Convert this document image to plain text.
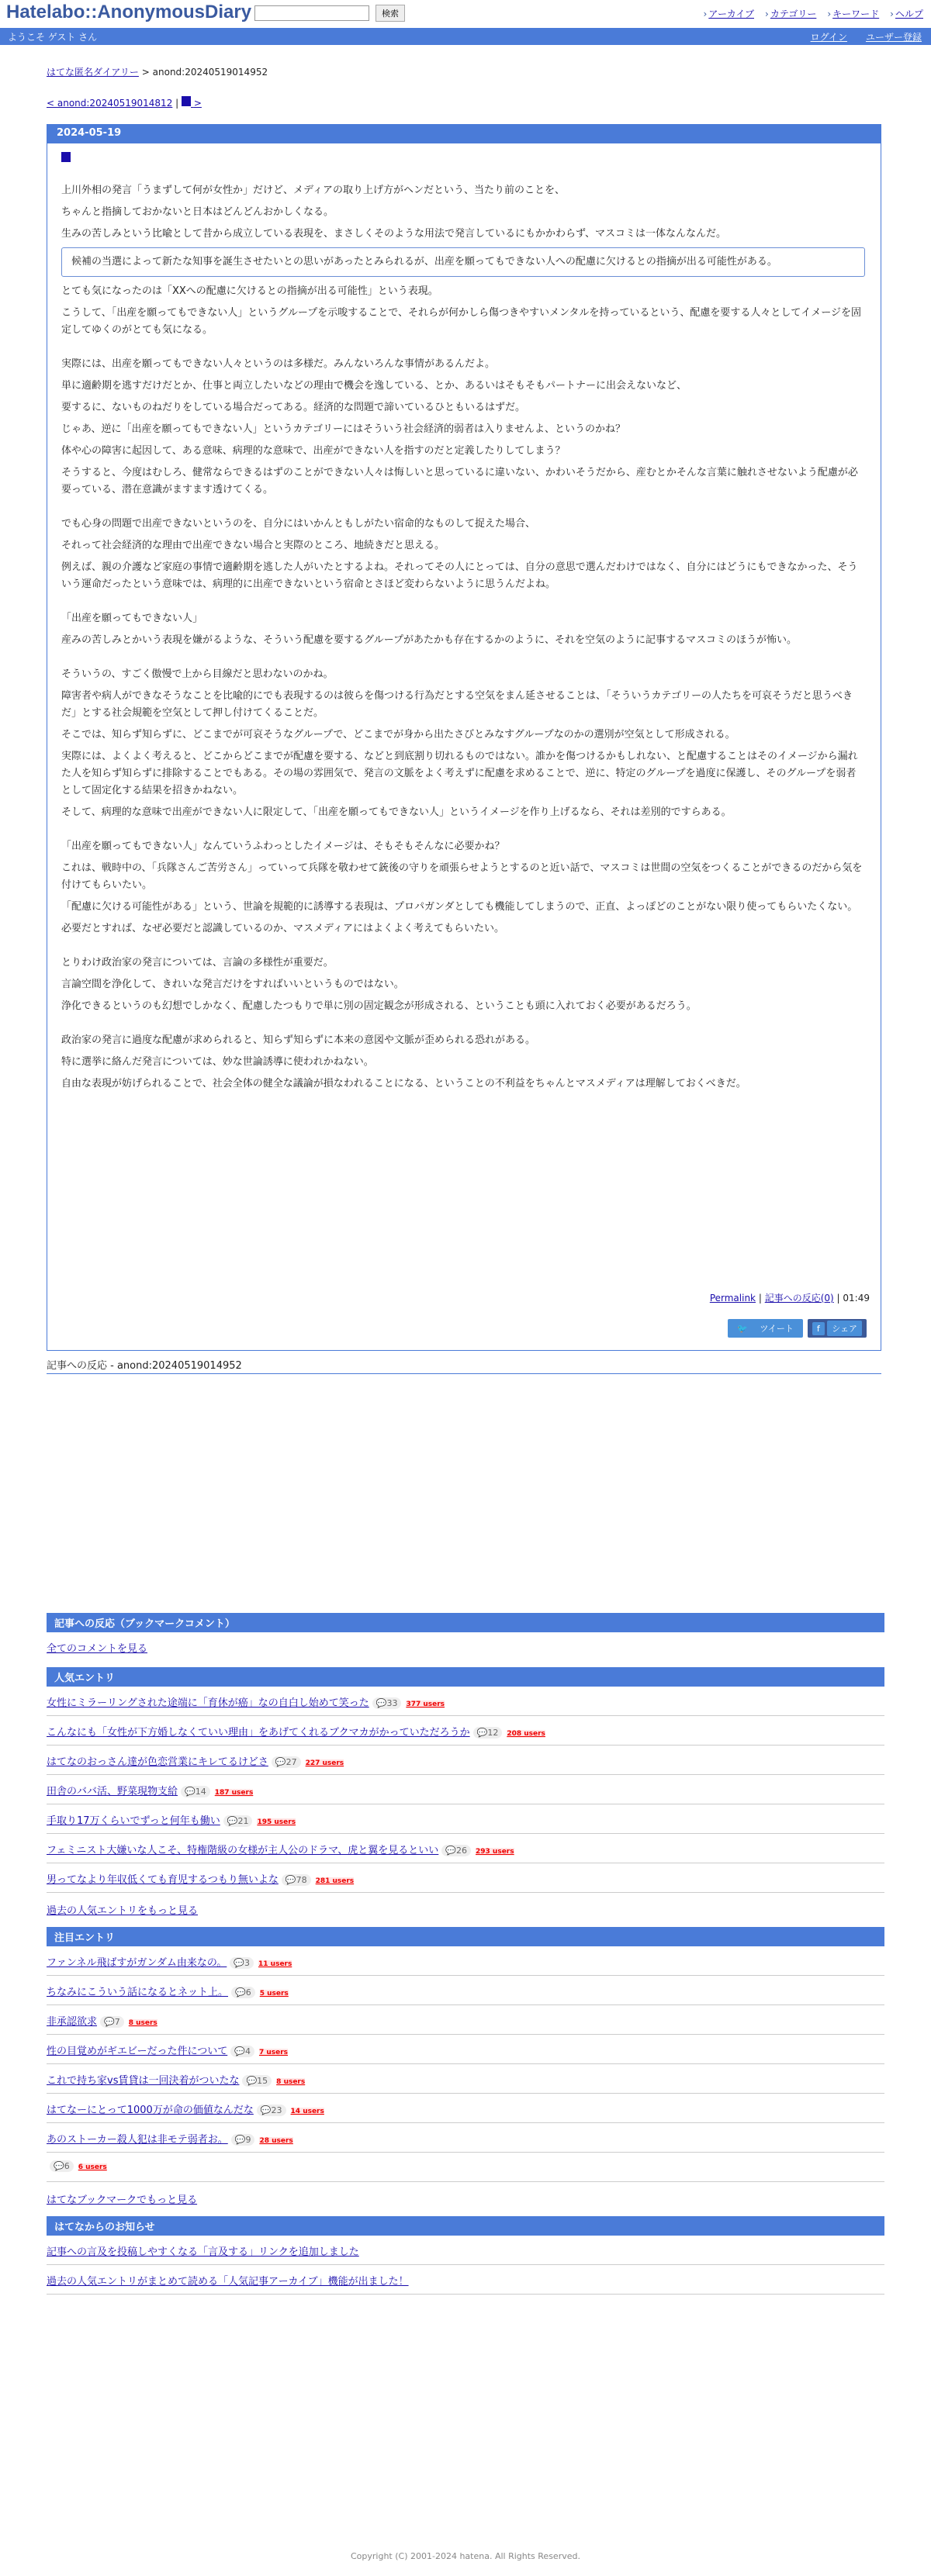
Hatelabo::AnonymousDiary	検索	› アーカイブ	› カテゴリー	› キーワード	› ヘルプ
ようこそ ゲスト さん	ログイン ユーザー登録
はてな匿名ダイアリー > anond:20240519014952
< anond:20240519014812 | >
2024-05-19

上川外相の発言「うまずして何が女性か」だけど、メディアの取り上げ方がヘンだという、当たり前のことを、

ちゃんと指摘しておかないと日本はどんどんおかしくなる。

生みの苦しみという比喩として昔から成立している表現を、まさしくそのような用法で発言しているにもかかわらず、マスコミは一体なんなんだ。

候補の当選によって新たな知事を誕生させたいとの思いがあったとみられるが、出産を願ってもできない人への配慮に欠けるとの指摘が出る可能性がある。

とても気になったのは「XXへの配慮に欠けるとの指摘が出る可能性」という表現。

こうして、「出産を願ってもできない人」というグループを示唆することで、それらが何かしら傷つきやすいメンタルを持っているという、配慮を要する人々としてイメージを固定してゆくのがとても気になる。

実際には、出産を願ってもできない人々というのは多様だ。みんないろんな事情があるんだよ。

単に適齢期を逃すだけだとか、仕事と両立したいなどの理由で機会を逸している、とか、あるいはそもそもパートナーに出会えないなど、

要するに、ないものねだりをしている場合だってある。経済的な問題で諦いているひともいるはずだ。

じゃあ、逆に「出産を願ってもできない人」というカテゴリーにはそういう社会経済的弱者は入りませんよ、というのかね？

体や心の障害に起因して、ある意味、病理的な意味で、出産ができない人を指すのだと定義したりしてしまう？

そうすると、今度はむしろ、健常ならできるはずのことができない人々は悔しいと思っているに違いない、かわいそうだから、産むとかそんな言葉に触れさせないよう配慮が必要っている、潜在意識がますます透けてくる。

でも心身の問題で出産できないというのを、自分にはいかんともしがたい宿命的なものして捉えた場合、

それって社会経済的な理由で出産できない場合と実際のところ、地続きだと思える。

例えば、親の介護など家庭の事情で適齢期を逃した人がいたとするよね。それってその人にとっては、自分の意思で選んだわけではなく、自分にはどうにもできなかった、そういう運命だったという意味では、病理的に出産できないという宿命とさほど変わらないように思うんだよね。

「出産を願ってもできない人」

産みの苦しみとかいう表現を嫌がるような、そういう配慮を要するグループがあたかも存在するかのように、それを空気のように記事するマスコミのほうが怖い。

そういうの、すごく傲慢で上から目線だと思わないのかね。

障害者や病人ができなそうなことを比喩的にでも表現するのは彼らを傷つける行為だとする空気をまん延させることは、「そういうカテゴリーの人たちを可哀そうだと思うべきだ」とする社会規範を空気として押し付けてくることだ。

そこでは、知らず知らずに、どこまでが可哀そうなグループで、どこまでが身から出たさびとみなすグループなのかの選別が空気として形成される。

実際には、よくよく考えると、どこからどこまでが配慮を要する、などと到底割り切れるものではない。誰かを傷つけるかもしれない、と配慮することはそのイメージから漏れた人を知らず知らずに排除することでもある。その場の雰囲気で、発言の文脈をよく考えずに配慮を求めることで、逆に、特定のグループを過度に保護し、そのグループを弱者として固定化する結果を招きかねない。

そして、病理的な意味で出産ができない人に限定して、「出産を願ってもできない人」というイメージを作り上げるなら、それは差別的ですらある。

「出産を願ってもできない人」なんていうふわっとしたイメージは、そもそもそんなに必要かね？

これは、戦時中の、「兵隊さんご苦労さん」っていって兵隊を敬わせて銃後の守りを頑張らせようとするのと近い話で、マスコミは世間の空気をつくることができるのだから気を付けてもらいたい。

「配慮に欠ける可能性がある」という、世論を規範的に誘導する表現は、プロパガンダとしても機能してしまうので、正直、よっぽどのことがない限り使ってもらいたくない。

必要だとすれば、なぜ必要だと認識しているのか、マスメディアにはよくよく考えてもらいたい。

とりわけ政治家の発言については、言論の多様性が重要だ。

言論空間を浄化して、きれいな発言だけをすればいいというものではない。

浄化できるというのも幻想でしかなく、配慮したつもりで単に別の固定観念が形成される、ということも頭に入れておく必要があるだろう。

政治家の発言に過度な配慮が求められると、知らず知らずに本来の意図や文脈が歪められる恐れがある。

特に選挙に絡んだ発言については、妙な世論誘導に使われかねない。

自由な表現が妨げられることで、社会全体の健全な議論が損なわれることになる、ということの不利益をちゃんとマスメディアは理解しておくべきだ。

Permalink | 記事への反応(0) | 01:49
🐦 ツイート	f シェア
記事への反応 - anond:20240519014952
記事への反応（ブックマークコメント）
全てのコメントを見る
人気エントリ
女性にミラーリングされた途端に「育休が癌」なの自白し始めて笑った 💬33 377 users
こんなにも「女性が下方婚しなくていい理由」をあげてくれるブクマカがかっていただろうか 💬12 208 users
はてなのおっさん達が色恋営業にキレてるけどさ 💬27 227 users
田舎のババ活、野菜現物支給 💬14 187 users
手取り17万くらいでずっと何年も働い 💬21 195 users
フェミニスト大嫌いな人こそ、特権階級の女様が主人公のドラマ、虎と翼を見るといい 💬26 293 users
男ってなより年収低くても育児するつもり無いよな 💬78 281 users
過去の人気エントリをもっと見る
注目エントリ
ファンネル飛ばすがガンダム由来なの。 💬3 11 users
ちなみにこういう話になるとネット上。 💬6 5 users
非承認欲求 💬7 8 users
性の目覚めがギエビーだった件について 💬4 7 users
これで持ち家vs賃貸は一回決着がついたな 💬15 8 users
はてなーにとって1000万が命の価値なんだな 💬23 14 users
あのストーカー殺人犯は非モテ弱者お。 💬9 28 users
💬6 6 users
はてなブックマークでもっと見る
はてなからのお知らせ
記事への言及を投稿しやすくなる「言及する」リンクを追加しました
過去の人気エントリがまとめて読める「人気記事アーカイブ」機能が出ました！
Copyright (C) 2001-2024 hatena. All Rights Reserved.
